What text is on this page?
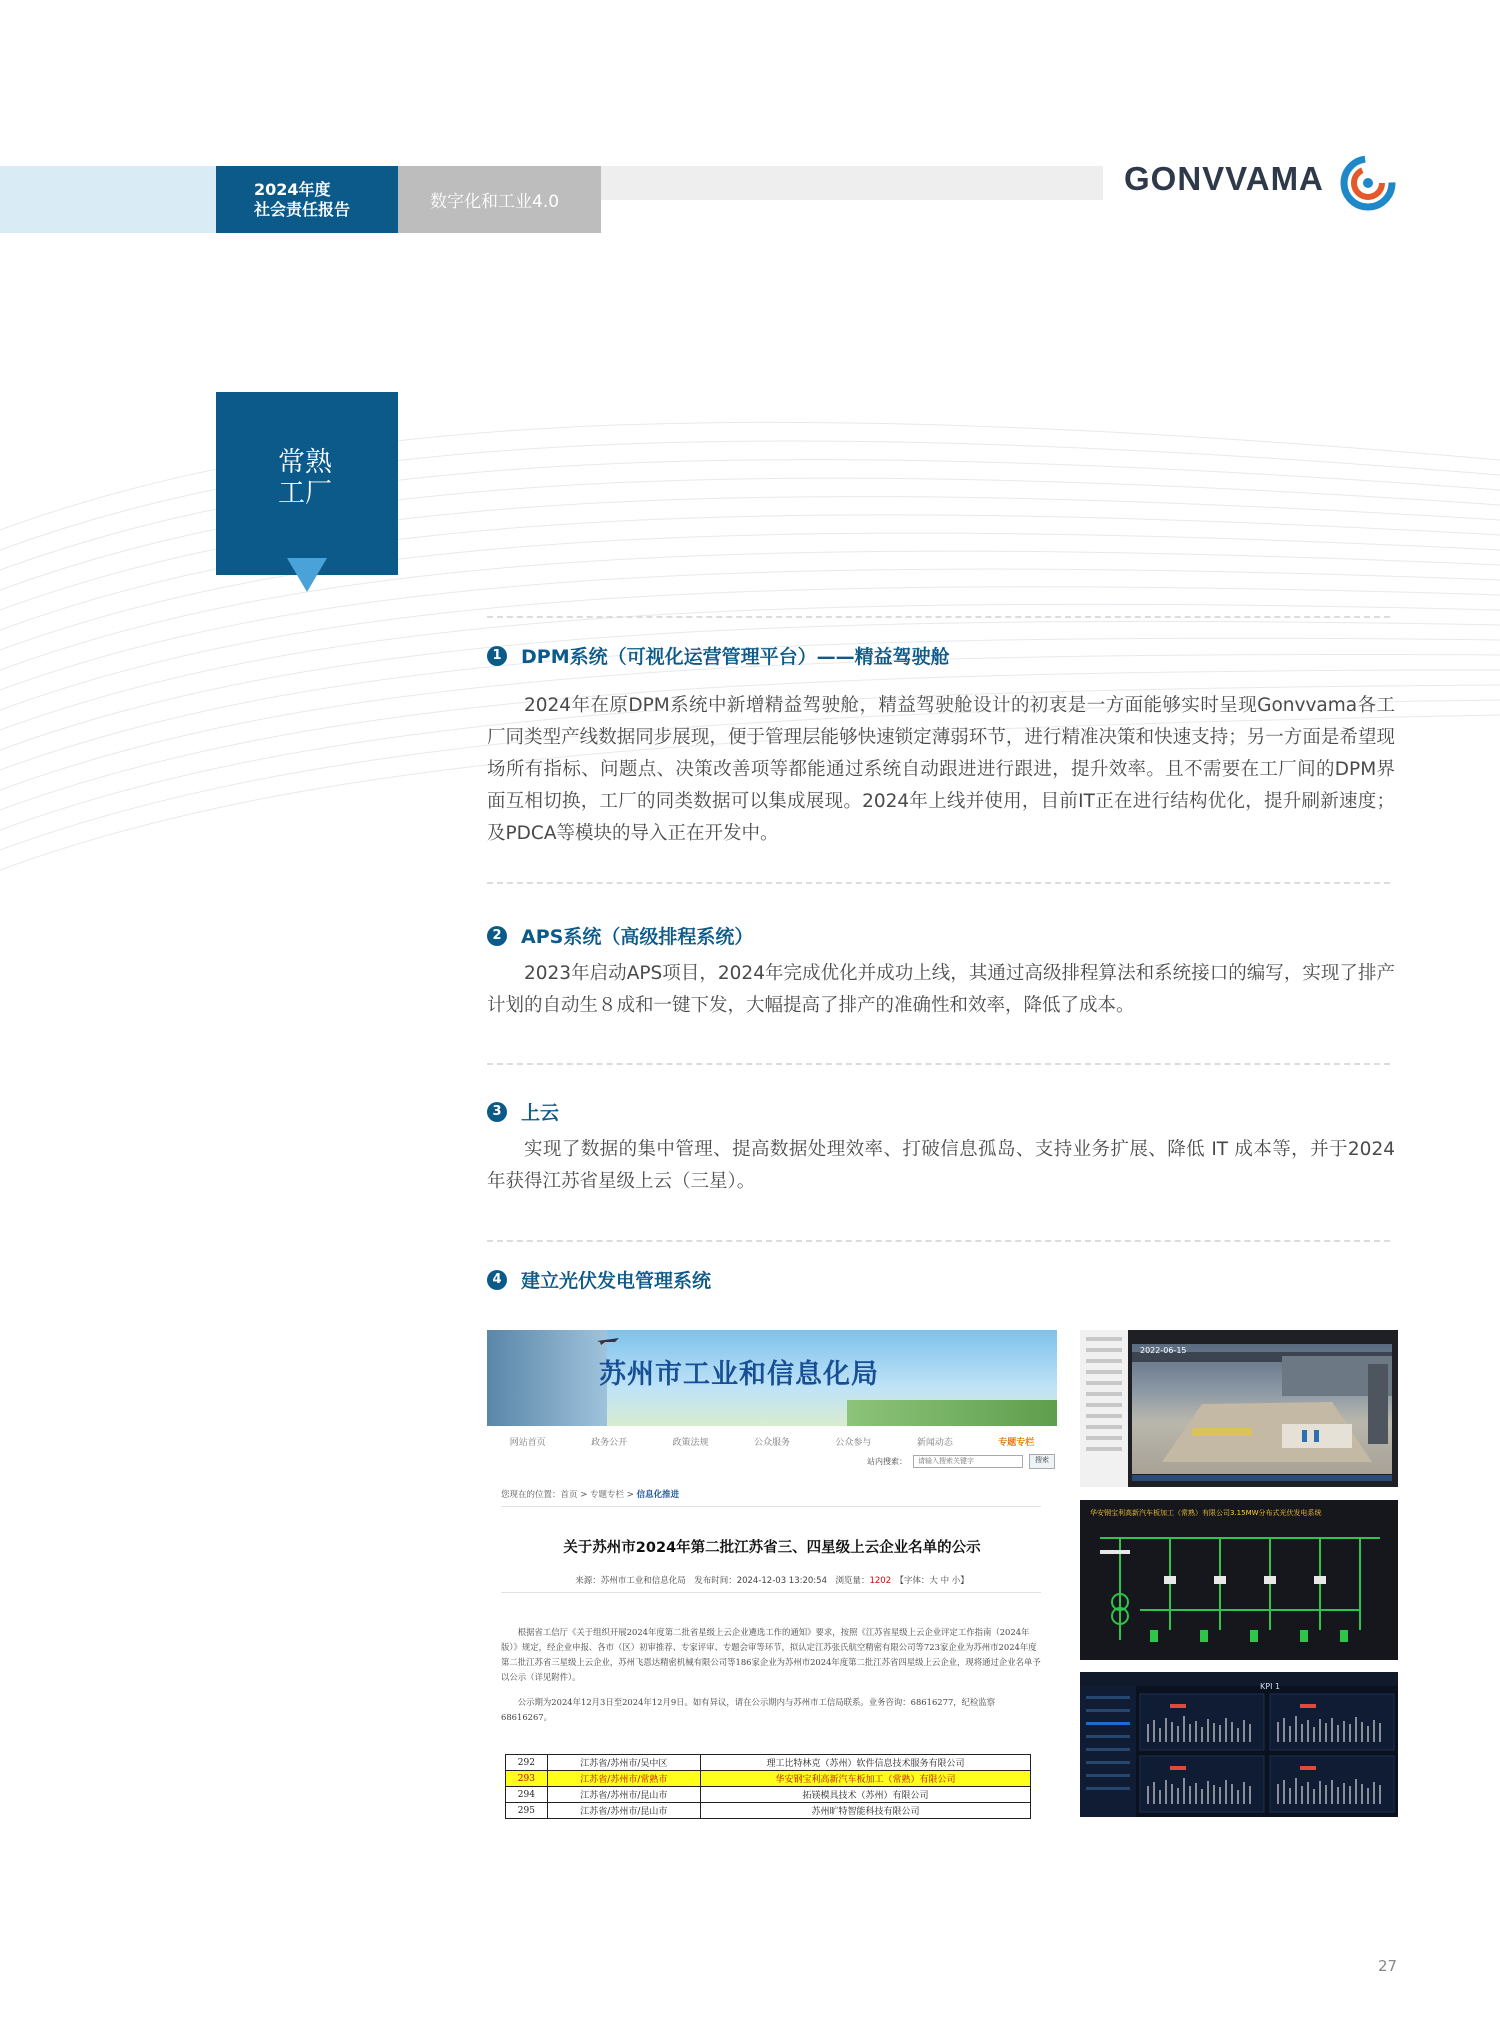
2024年度
社会责任报告	数字化和工业4.0
GONVVAMA
常熟
工厂
1 DPM系统（可视化运营管理平台）——精益驾驶舱
2024年在原DPM系统中新增精益驾驶舱，精益驾驶舱设计的初衷是一方面能够实时呈现Gonvvama各工厂同类型产线数据同步展现，便于管理层能够快速锁定薄弱环节，进行精准决策和快速支持；另一方面是希望现场所有指标、问题点、决策改善项等都能通过系统自动跟进进行跟进，提升效率。且不需要在工厂间的DPM界面互相切换，工厂的同类数据可以集成展现。2024年上线并使用，目前IT正在进行结构优化，提升刷新速度；及PDCA等模块的导入正在开发中。
2 APS系统（高级排程系统）
2023年启动APS项目，2024年完成优化并成功上线，其通过高级排程算法和系统接口的编写，实现了排产计划的自动生８成和一键下发，大幅提高了排产的准确性和效率，降低了成本。
3 上云
实现了数据的集中管理、提高数据处理效率、打破信息孤岛、支持业务扩展、降低 IT 成本等，并于2024年获得江苏省星级上云（三星）。
4 建立光伏发电管理系统
苏州市工业和信息化局
网站首页	政务公开	政策法规	公众服务	公众参与	新闻动态	专题专栏
站内搜索：	请输入搜索关键字	搜索
您现在的位置：首页 > 专题专栏 > 信息化推进
关于苏州市2024年第二批江苏省三、四星级上云企业名单的公示
来源：苏州市工业和信息化局　发布时间：2024-12-03 13:20:54　浏览量：1202　 【字体：大 中 小】
根据省工信厅《关于组织开展2024年度第二批省星级上云企业遴选工作的通知》要求，按照《江苏省星级上云企业评定工作指南（2024年版）》规定，经企业申报、各市（区）初审推荐、专家评审、专题会审等环节，拟认定江苏张氏航空精密有限公司等723家企业为苏州市2024年度第二批江苏省三星级上云企业，苏州飞恩达精密机械有限公司等186家企业为苏州市2024年度第二批江苏省四星级上云企业，现将通过企业名单予以公示（详见附件）。
公示期为2024年12月3日至2024年12月9日。如有异议，请在公示期内与苏州市工信局联系。业务咨询：68616277，纪检监察68616267。
292	江苏省/苏州市/吴中区	理工比特林克（苏州）软件信息技术服务有限公司
293	江苏省/苏州市/常熟市	华安钢宝利高新汽车板加工（常熟）有限公司
294	江苏省/苏州市/昆山市	拓镁模具技术（苏州）有限公司
295	江苏省/苏州市/昆山市	苏州旷特智能科技有限公司
2022-06-15
华安钢宝利高新汽车板加工（常熟）有限公司3.15MW分布式光伏发电系统
KPI 1
27
